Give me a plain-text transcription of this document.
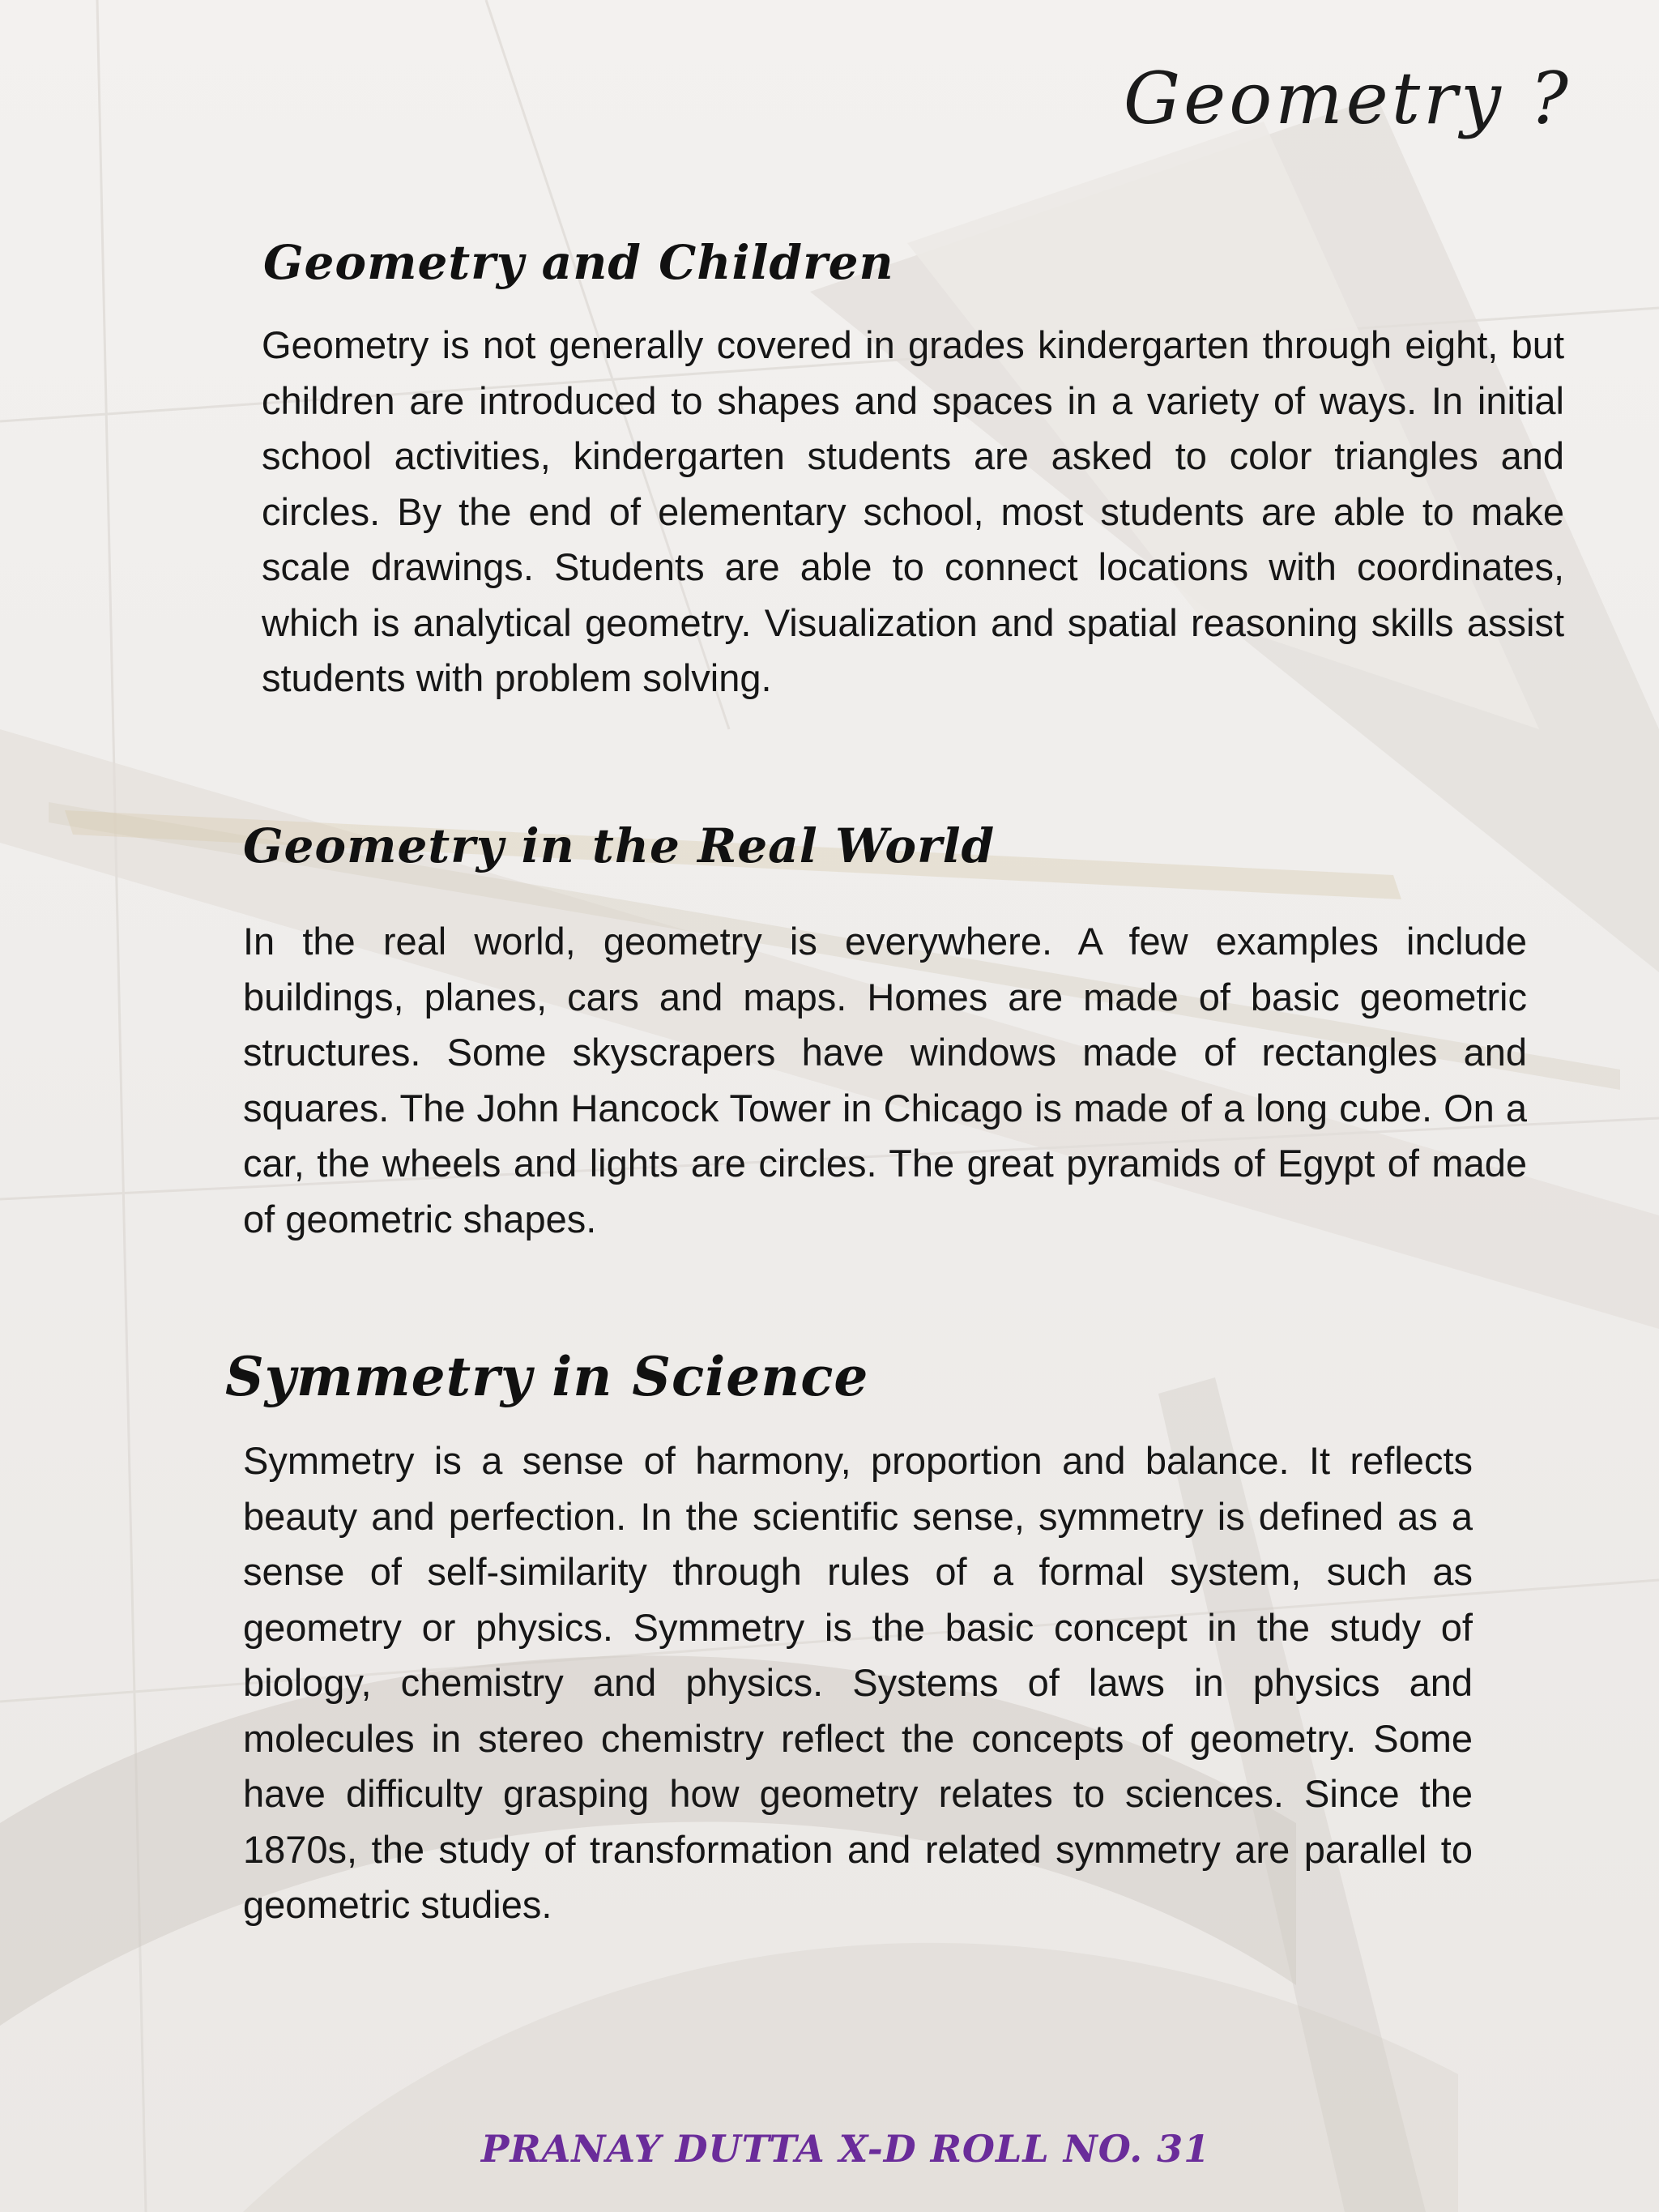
Geometry ?
Geometry and Children
Geometry is not generally covered in grades kindergarten through eight, but children are introduced to shapes and spaces in a variety of ways. In initial school activities, kindergarten students are asked to color triangles and circles. By the end of elementary school, most students are able to make scale drawings. Students are able to connect locations with coordinates, which is analytical geometry. Visualization and spatial reasoning skills assist students with problem solving.
Geometry in the Real World
In the real world, geometry is everywhere. A few examples include buildings, planes, cars and maps. Homes are made of basic geometric structures. Some skyscrapers have windows made of rectangles and squares. The John Hancock Tower in Chicago is made of a long cube. On a car, the wheels and lights are circles. The great pyramids of Egypt of made of geometric shapes.
Symmetry in Science
Symmetry is a sense of harmony, proportion and balance. It reflects beauty and perfection. In the scientific sense, symmetry is defined as a sense of self-similarity through rules of a formal system, such as geometry or physics. Symmetry is the basic concept in the study of biology, chemistry and physics. Systems of laws in physics and molecules in stereo chemistry reflect the concepts of geometry. Some have difficulty grasping how geometry relates to sciences. Since the 1870s, the study of transformation and related symmetry are parallel to geometric studies.
PRANAY DUTTA X-D ROLL NO. 31
